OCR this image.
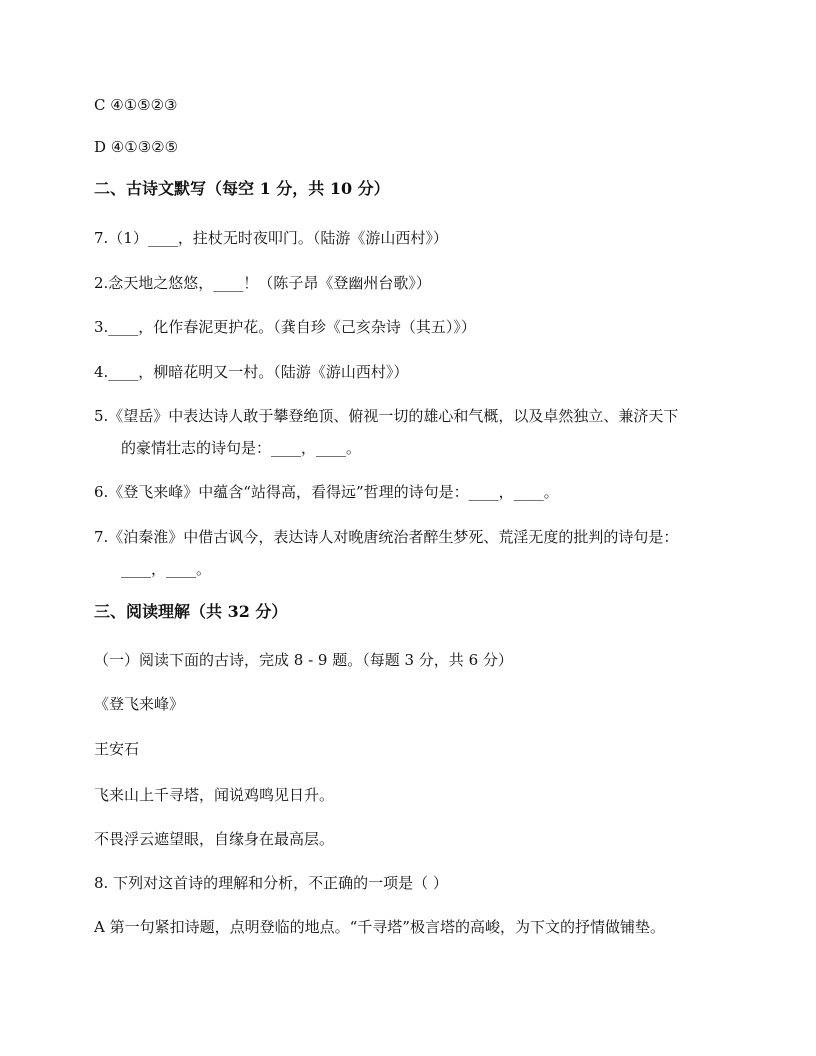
C ④①⑤②③
D ④①③②⑤
二、古诗文默写（每空 1 分，共 10 分）
7.（1）____，拄杖无时夜叩门。（陆游《游山西村》）
2.念天地之悠悠，____！（陈子昂《登幽州台歌》）
3.____，化作春泥更护花。（龚自珍《己亥杂诗（其五）》）
4.____，柳暗花明又一村。（陆游《游山西村》）
5.《望岳》中表达诗人敢于攀登绝顶、俯视一切的雄心和气概，以及卓然独立、兼济天下
的豪情壮志的诗句是：____，____。
6.《登飞来峰》中蕴含“站得高，看得远”哲理的诗句是：____，____。
7.《泊秦淮》中借古讽今，表达诗人对晚唐统治者醉生梦死、荒淫无度的批判的诗句是：
____，____。
三、阅读理解（共 32 分）
（一）阅读下面的古诗，完成 8 - 9 题。（每题 3 分，共 6 分）
《登飞来峰》
王安石
飞来山上千寻塔，闻说鸡鸣见日升。
不畏浮云遮望眼，自缘身在最高层。
8. 下列对这首诗的理解和分析，不正确的一项是（ ）
A 第一句紧扣诗题，点明登临的地点。“千寻塔”极言塔的高峻，为下文的抒情做铺垫。
